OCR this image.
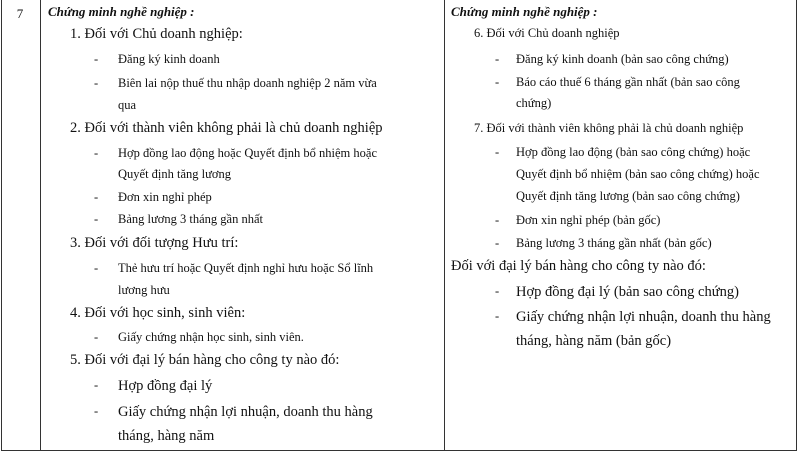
7	Chứng minh nghề nghiệp :	Chứng minh nghề nghiệp :
1. Đối với Chủ doanh nghiệp:
- Đăng ký kinh doanh
- Biên lai nộp thuế thu nhập doanh nghiệp 2 năm vừa
qua
2. Đối với thành viên không phải là chủ doanh nghiệp
- Hợp đồng lao động hoặc Quyết định bổ nhiệm hoặc
Quyết định tăng lương
- Đơn xin nghỉ phép
- Bảng lương 3 tháng gần nhất
3. Đối với đối tượng Hưu trí:
- Thẻ hưu trí hoặc Quyết định nghỉ hưu hoặc Sổ lĩnh
lương hưu
4. Đối với học sinh, sinh viên:
- Giấy chứng nhận học sinh, sinh viên.
5. Đối với đại lý bán hàng cho công ty nào đó:
- Hợp đồng đại lý
- Giấy chứng nhận lợi nhuận, doanh thu hàng
tháng, hàng năm
6. Đối với Chủ doanh nghiệp
- Đăng ký kinh doanh (bản sao công chứng)
- Báo cáo thuế 6 tháng gần nhất (bản sao công
chứng)
7. Đối với thành viên không phải là chủ doanh nghiệp
- Hợp đồng lao động (bản sao công chứng) hoặc
Quyết định bổ nhiệm (bản sao công chứng) hoặc
Quyết định tăng lương (bản sao công chứng)
- Đơn xin nghỉ phép (bản gốc)
- Bảng lương 3 tháng gần nhất (bản gốc)
Đối với đại lý bán hàng cho công ty nào đó:
- Hợp đồng đại lý (bản sao công chứng)
- Giấy chứng nhận lợi nhuận, doanh thu hàng
tháng, hàng năm (bản gốc)
